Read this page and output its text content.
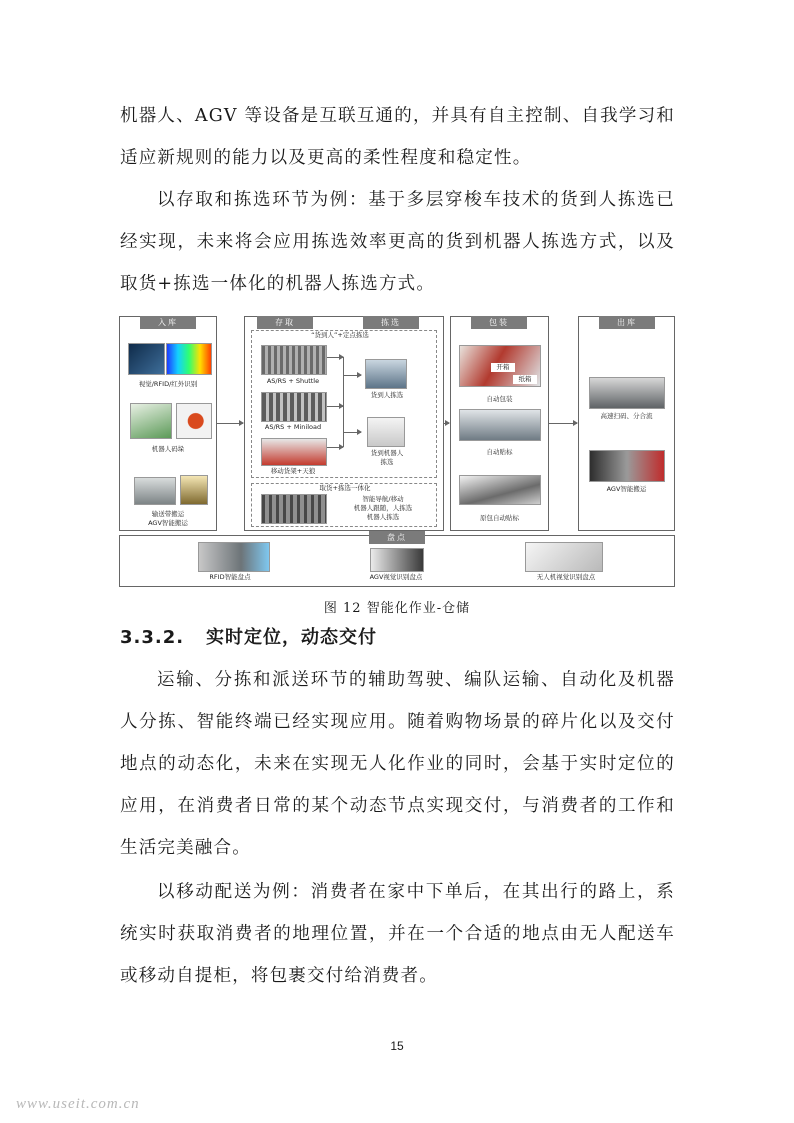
机器人、AGV 等设备是互联互通的，并具有自主控制、自我学习和适应新规则的能力以及更高的柔性程度和稳定性。

以存取和拣选环节为例：基于多层穿梭车技术的货到人拣选已经实现，未来将会应用拣选效率更高的货到机器人拣选方式，以及取货+拣选一体化的机器人拣选方式。

入库
视觉/RFID/红外识别
机器人码垛
输送带搬运
AGV智能搬运
存取	拣选
“货到人”+定点拣选
AS/RS + Shuttle
AS/RS + Miniload
移动货架+天狼
货到人拣选
货到机器人
拣选
取货+拣选一体化
智能导航/移动
机器人跟随，人拣选
机器人拣选
包装
开箱
纸箱
自动包装
自动贴标
原包自动贴标
出库
高速扫码、分合流
AGV智能搬运
盘点
RFID智能盘点	AGV视觉识别盘点	无人机视觉识别盘点
图 12 智能化作业-仓储
3.3.2. 实时定位，动态交付

运输、分拣和派送环节的辅助驾驶、编队运输、自动化及机器人分拣、智能终端已经实现应用。随着购物场景的碎片化以及交付地点的动态化，未来在实现无人化作业的同时，会基于实时定位的应用，在消费者日常的某个动态节点实现交付，与消费者的工作和生活完美融合。

以移动配送为例：消费者在家中下单后，在其出行的路上，系统实时获取消费者的地理位置，并在一个合适的地点由无人配送车或移动自提柜，将包裹交付给消费者。

15
www.useit.com.cn
